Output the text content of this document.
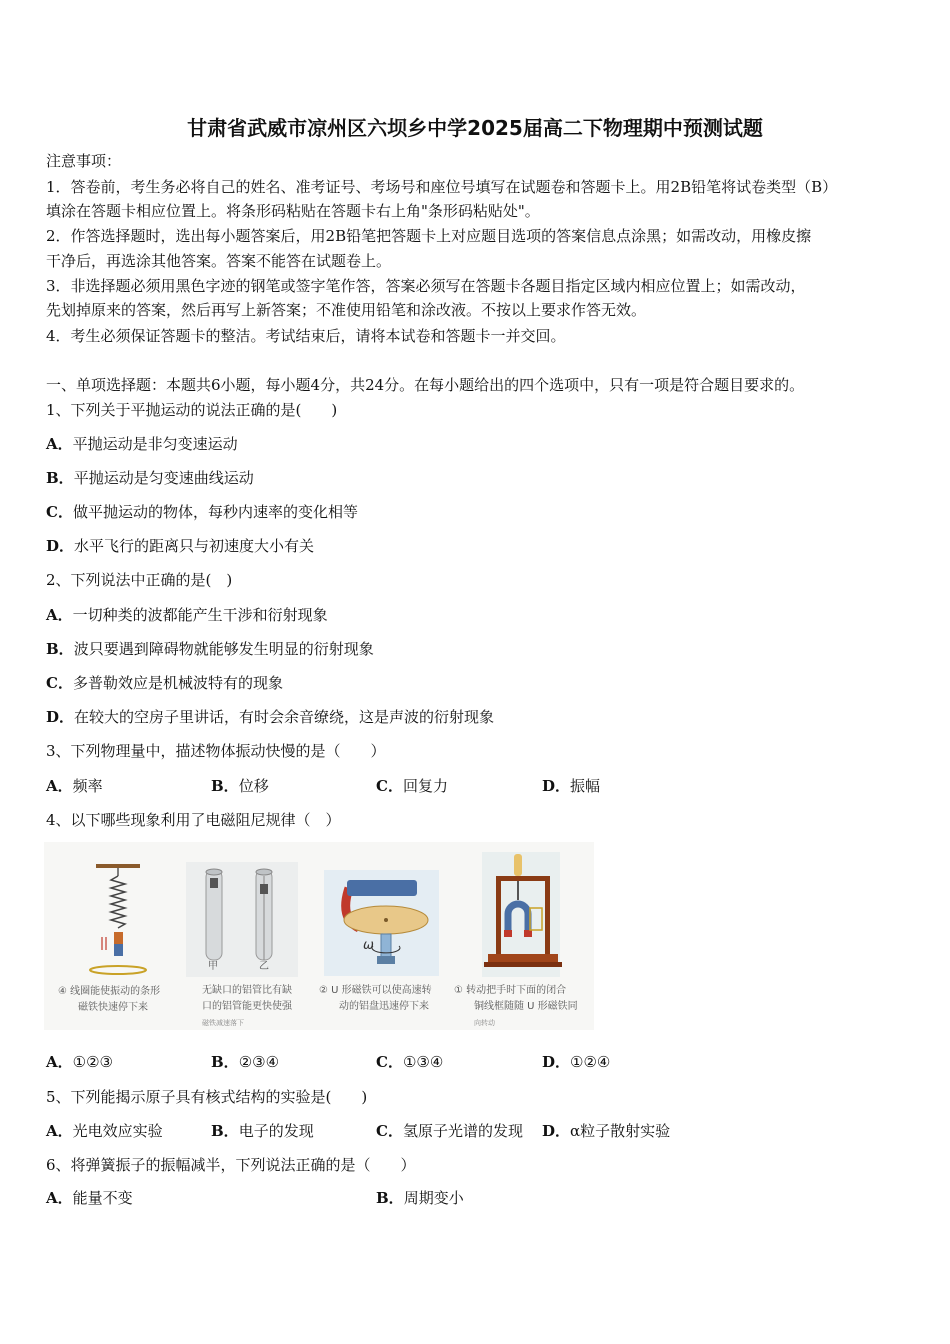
甘肃省武威市凉州区六坝乡中学2025届高二下物理期中预测试题
注意事项：
1．答卷前，考生务必将自己的姓名、准考证号、考场号和座位号填写在试题卷和答题卡上。用2B铅笔将试卷类型（B）
填涂在答题卡相应位置上。将条形码粘贴在答题卡右上角"条形码粘贴处"。
2．作答选择题时，选出每小题答案后，用2B铅笔把答题卡上对应题目选项的答案信息点涂黑；如需改动，用橡皮擦
干净后，再选涂其他答案。答案不能答在试题卷上。
3．非选择题必须用黑色字迹的钢笔或签字笔作答，答案必须写在答题卡各题目指定区域内相应位置上；如需改动，
先划掉原来的答案，然后再写上新答案；不准使用铅笔和涂改液。不按以上要求作答无效。
4．考生必须保证答题卡的整洁。考试结束后，请将本试卷和答题卡一并交回。
一、单项选择题：本题共6小题，每小题4分，共24分。在每小题给出的四个选项中，只有一项是符合题目要求的。
1、下列关于平抛运动的说法正确的是(　　)
A．平抛运动是非匀变速运动
B．平抛运动是匀变速曲线运动
C．做平抛运动的物体，每秒内速率的变化相等
D．水平飞行的距离只与初速度大小有关
2、下列说法中正确的是(　)
A．一切种类的波都能产生干涉和衍射现象
B．波只要遇到障碍物就能够发生明显的衍射现象
C．多普勒效应是机械波特有的现象
D．在较大的空房子里讲话，有时会余音缭绕，这是声波的衍射现象
3、下列物理量中，描述物体振动快慢的是（　　）
A．频率	B．位移	C．回复力	D．振幅
4、以下哪些现象利用了电磁阻尼规律（　）
④ 线圈能使振动的条形
磁铁快速停下来
甲	乙
无缺口的铝管比有缺
口的铝管能更快使强
磁铁减速落下
ω
② U 形磁铁可以使高速转
动的铝盘迅速停下来
① 转动把手时下面的闭合
铜线框随随 U 形磁铁同
向转动
A．①②③	B．②③④	C．①③④	D．①②④
5、下列能揭示原子具有核式结构的实验是(　　)
A．光电效应实验	B．电子的发现	C．氢原子光谱的发现 D．α粒子散射实验
6、将弹簧振子的振幅减半，下列说法正确的是（　　）
A．能量不变	B．周期变小
